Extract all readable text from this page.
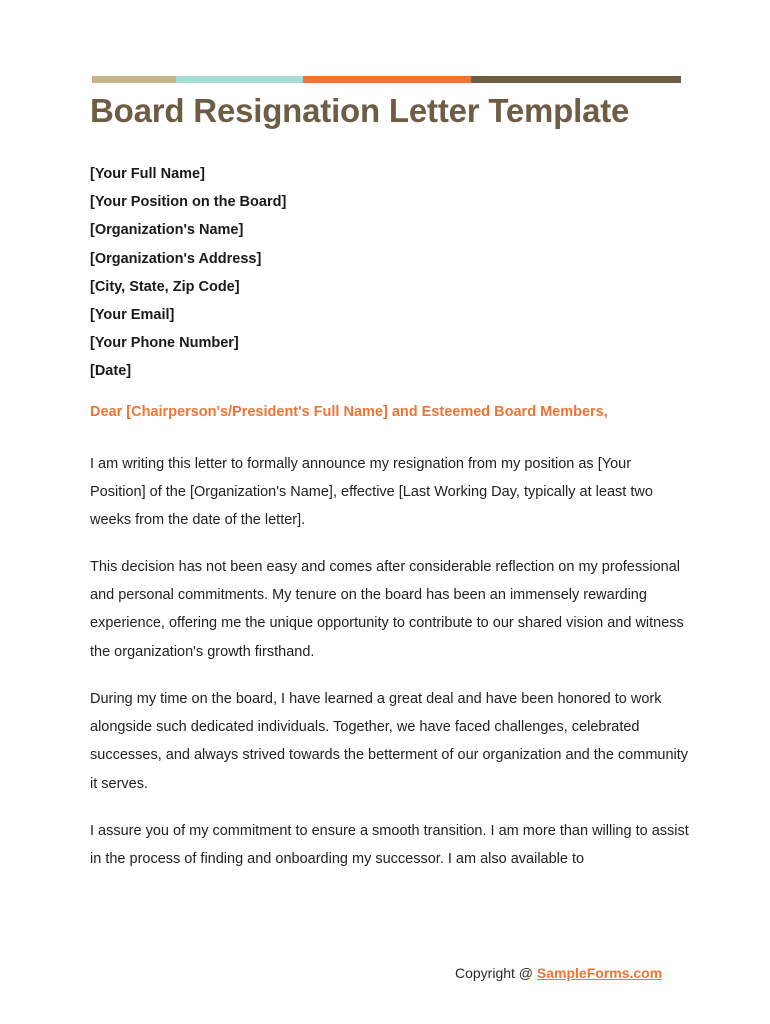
Board Resignation Letter Template
[Your Full Name]
[Your Position on the Board]
[Organization's Name]
[Organization's Address]
[City, State, Zip Code]
[Your Email]
[Your Phone Number]
[Date]

Dear [Chairperson's/President's Full Name] and Esteemed Board Members,

I am writing this letter to formally announce my resignation from my position as [Your Position] of the [Organization's Name], effective [Last Working Day, typically at least two weeks from the date of the letter].

This decision has not been easy and comes after considerable reflection on my professional and personal commitments. My tenure on the board has been an immensely rewarding experience, offering me the unique opportunity to contribute to our shared vision and witness the organization's growth firsthand.

During my time on the board, I have learned a great deal and have been honored to work alongside such dedicated individuals. Together, we have faced challenges, celebrated successes, and always strived towards the betterment of our organization and the community it serves.

I assure you of my commitment to ensure a smooth transition. I am more than willing to assist in the process of finding and onboarding my successor. I am also available to

Copyright @ SampleForms.com
